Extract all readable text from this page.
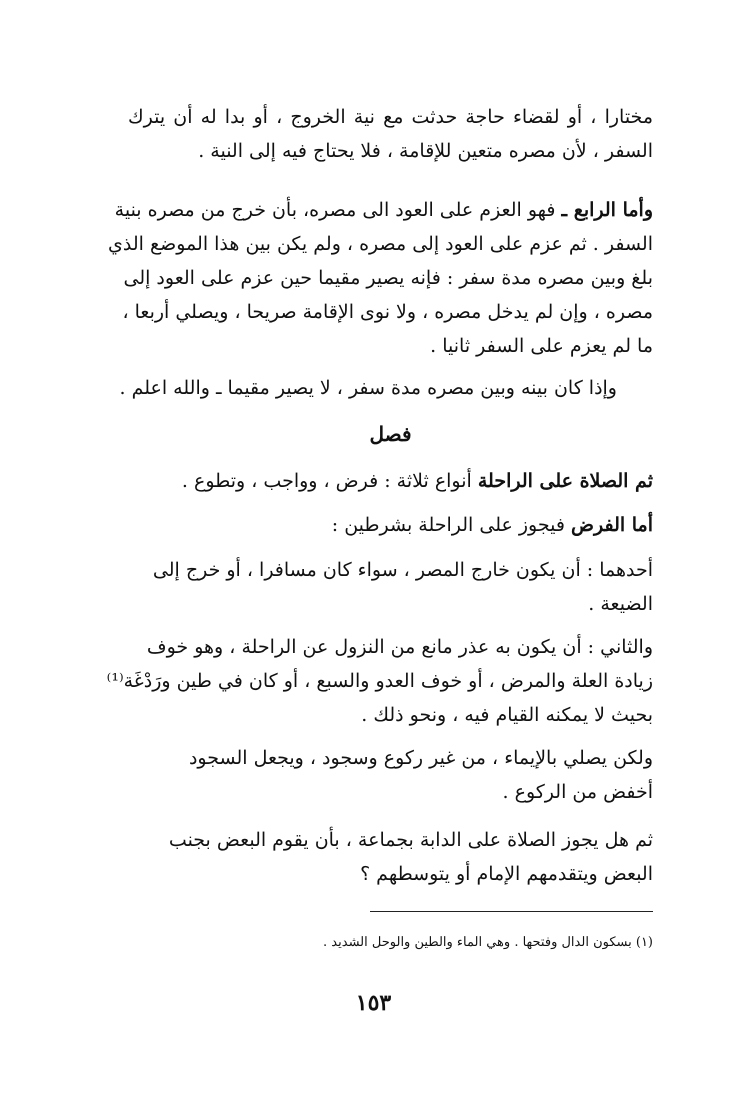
مختارا ، أو لقضاء حاجة حدثت مع نية الخروج ، أو بدا له أن يترك
السفر ، لأن مصره متعين للإقامة ، فلا يحتاج فيه إلى النية .
وأما الرابع ـ فهو العزم على العود الى مصره، بأن خرج من مصره بنية
السفر . ثم عزم على العود إلى مصره ، ولم يكن بين هذا الموضع الذي
بلغ وبين مصره مدة سفر : فإنه يصير مقيما حين عزم على العود إلى
مصره ، وإن لم يدخل مصره ، ولا نوى الإقامة صريحا ، ويصلي أربعا ،
ما لم يعزم على السفر ثانيا .
وإذا كان بينه وبين مصره مدة سفر ، لا يصير مقيما ـ والله اعلم .
فصل
ثم الصلاة على الراحلة أنواع ثلاثة : فرض ، وواجب ، وتطوع .
أما الفرض فيجوز على الراحلة بشرطين :
أحدهما : أن يكون خارج المصر ، سواء كان مسافرا ، أو خرج إلى
الضيعة .
والثاني : أن يكون به عذر مانع من النزول عن الراحلة ، وهو خوف
زيادة العلة والمرض ، أو خوف العدو والسبع ، أو كان في طين ورَدْغَة⁽¹⁾
بحيث لا يمكنه القيام فيه ، ونحو ذلك .
ولكن يصلي بالإيماء ، من غير ركوع وسجود ، ويجعل السجود
أخفض من الركوع .
ثم هل يجوز الصلاة على الدابة بجماعة ، بأن يقوم البعض بجنب
البعض ويتقدمهم الإمام أو يتوسطهم ؟
(١) بسكون الدال وفتحها . وهي الماء والطين والوحل الشديد .
١٥٣
